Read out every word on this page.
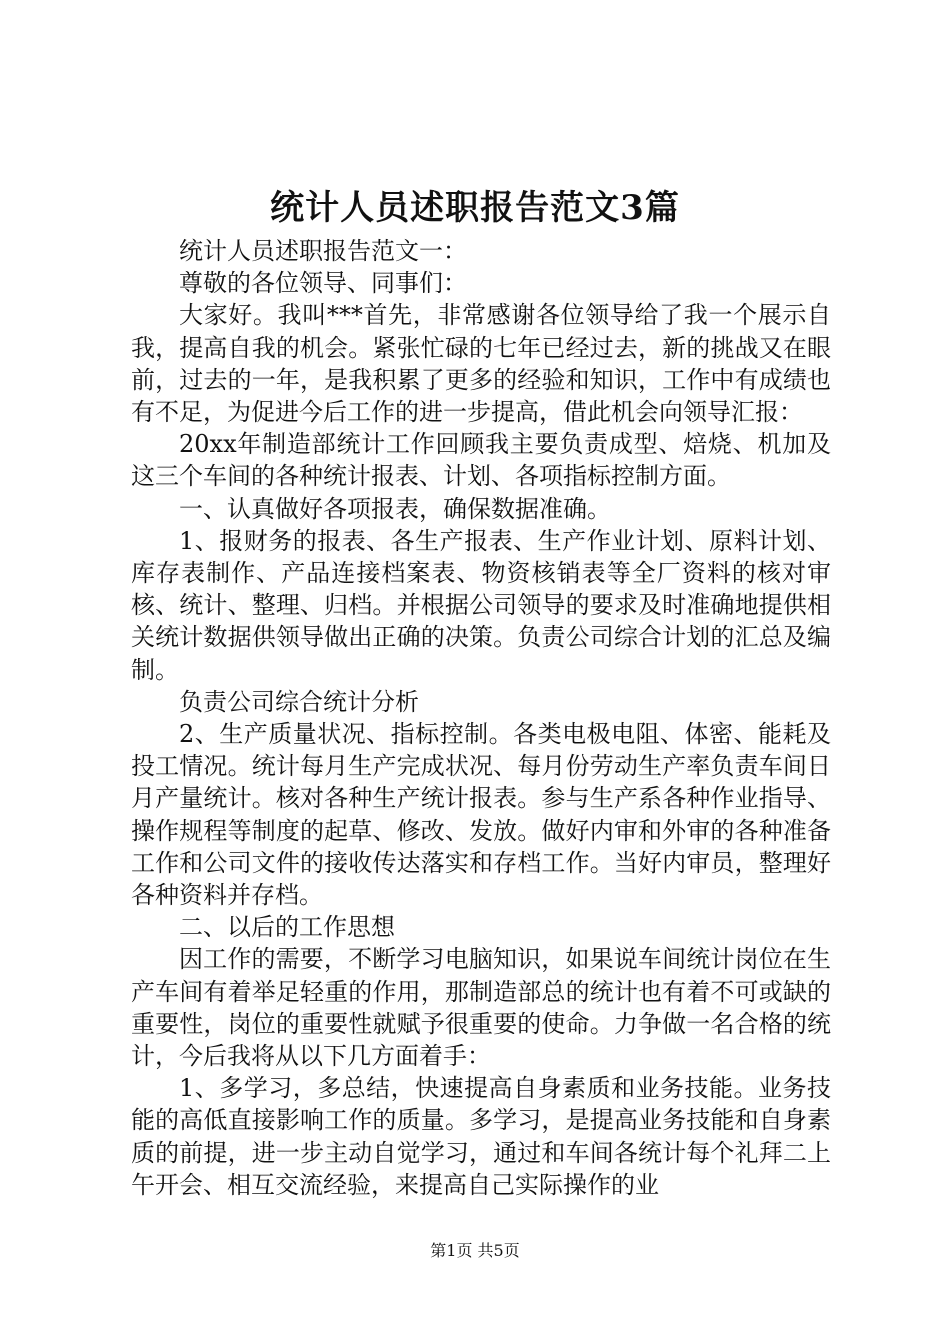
统计人员述职报告范文3篇

统计人员述职报告范文一：

尊敬的各位领导、同事们：

大家好。我叫***首先，非常感谢各位领导给了我一个展示自我，提高自我的机会。紧张忙碌的七年已经过去，新的挑战又在眼前，过去的一年，是我积累了更多的经验和知识，工作中有成绩也有不足，为促进今后工作的进一步提高，借此机会向领导汇报：

20xx年制造部统计工作回顾我主要负责成型、焙烧、机加及这三个车间的各种统计报表、计划、各项指标控制方面。

一、认真做好各项报表，确保数据准确。

1、报财务的报表、各生产报表、生产作业计划、原料计划、库存表制作、产品连接档案表、物资核销表等全厂资料的核对审核、统计、整理、归档。并根据公司领导的要求及时准确地提供相关统计数据供领导做出正确的决策。负责公司综合计划的汇总及编制。

负责公司综合统计分析

2、生产质量状况、指标控制。各类电极电阻、体密、能耗及投工情况。统计每月生产完成状况、每月份劳动生产率负责车间日月产量统计。核对各种生产统计报表。参与生产系各种作业指导、操作规程等制度的起草、修改、发放。做好内审和外审的各种准备工作和公司文件的接收传达落实和存档工作。当好内审员，整理好各种资料并存档。

二、以后的工作思想

因工作的需要，不断学习电脑知识，如果说车间统计岗位在生产车间有着举足轻重的作用，那制造部总的统计也有着不可或缺的重要性，岗位的重要性就赋予很重要的使命。力争做一名合格的统计，今后我将从以下几方面着手：

1、多学习，多总结，快速提高自身素质和业务技能。业务技能的高低直接影响工作的质量。多学习，是提高业务技能和自身素质的前提，进一步主动自觉学习，通过和车间各统计每个礼拜二上午开会、相互交流经验，来提高自己实际操作的业

第1页 共5页
